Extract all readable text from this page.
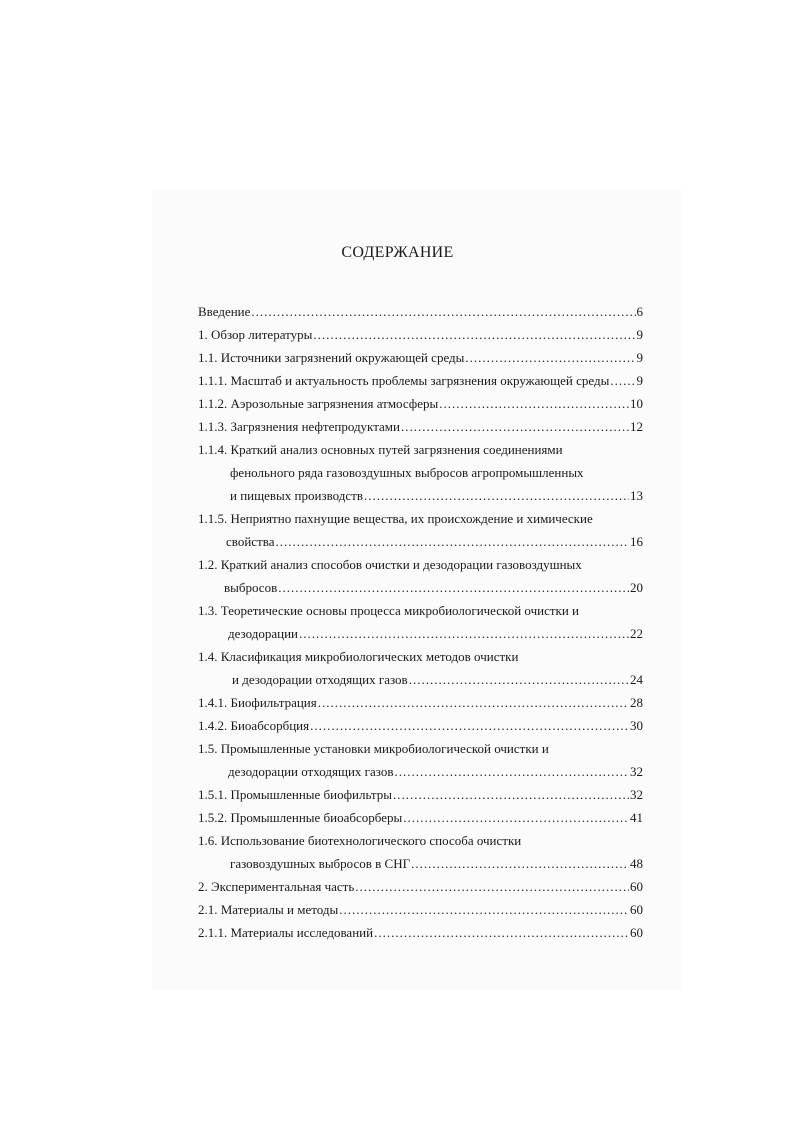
СОДЕРЖАНИЕ
Введение .....	6
1. Обзор литературы .....	9
1.1. Источники загрязнений окружающей среды .....	9
1.1.1. Масштаб и актуальность проблемы загрязнения окружающей среды ..... 9
1.1.2. Аэрозольные загрязнения атмосферы .....	10
1.1.3. Загрязнения нефтепродуктами .....	12
1.1.4. Краткий анализ основных путей загрязнения соединениями
фенольного ряда газовоздушных выбросов агропромышленных
и пищевых производств .....	13
1.1.5. Неприятно пахнущие вещества, их происхождение и химические
свойства .....	16
1.2. Краткий анализ способов очистки и дезодорации газовоздушных
выбросов .....	20
1.3. Теоретические основы процесса микробиологической очистки и
дезодорации .....	22
1.4. Класификация микробиологических методов очистки
и дезодорации отходящих газов .....	24
1.4.1. Биофильтрация .....	28
1.4.2. Биоабсорбция .....	30
1.5. Промышленные установки микробиологической очистки и
дезодорации отходящих газов .....	32
1.5.1. Промышленные биофильтры .....	32
1.5.2. Промышленные биоабсорберы .....	41
1.6. Использование биотехнологического способа очистки
газовоздушных выбросов в СНГ .....	48
2. Экспериментальная часть .....	60
2.1. Материалы и методы .....	60
2.1.1. Материалы исследований .....	60
